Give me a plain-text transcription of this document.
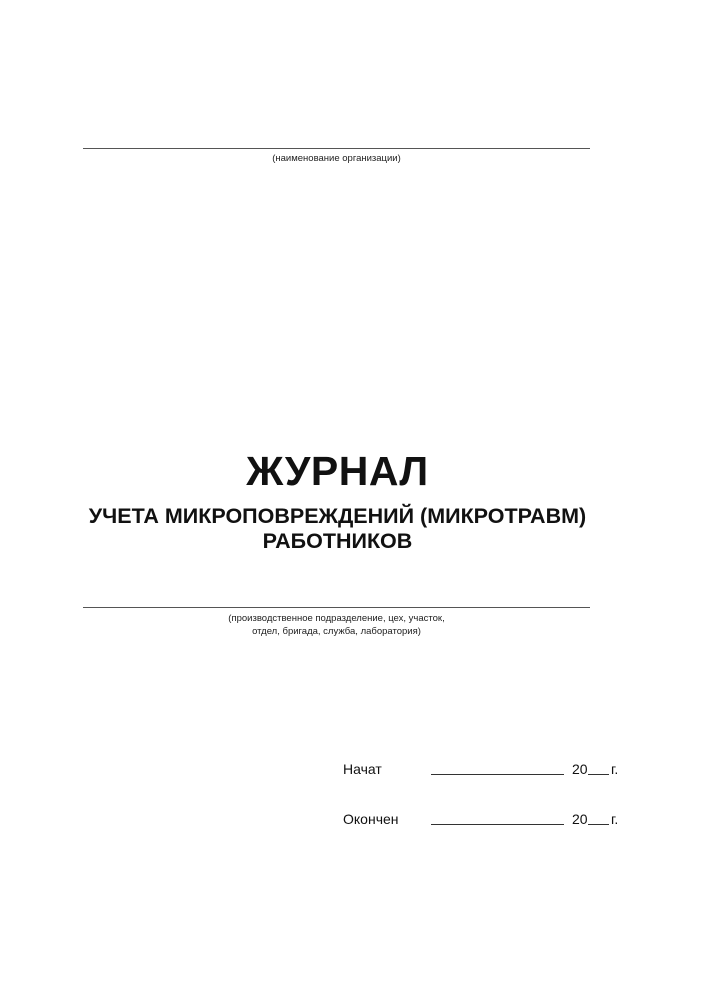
(наименование организации)
ЖУРНАЛ
УЧЕТА МИКРОПОВРЕЖДЕНИЙ (МИКРОТРАВМ)
РАБОТНИКОВ
(производственное подразделение, цех, участок,
отдел, бригада, служба, лаборатория)
Начат	20 г.
Окончен	20 г.
